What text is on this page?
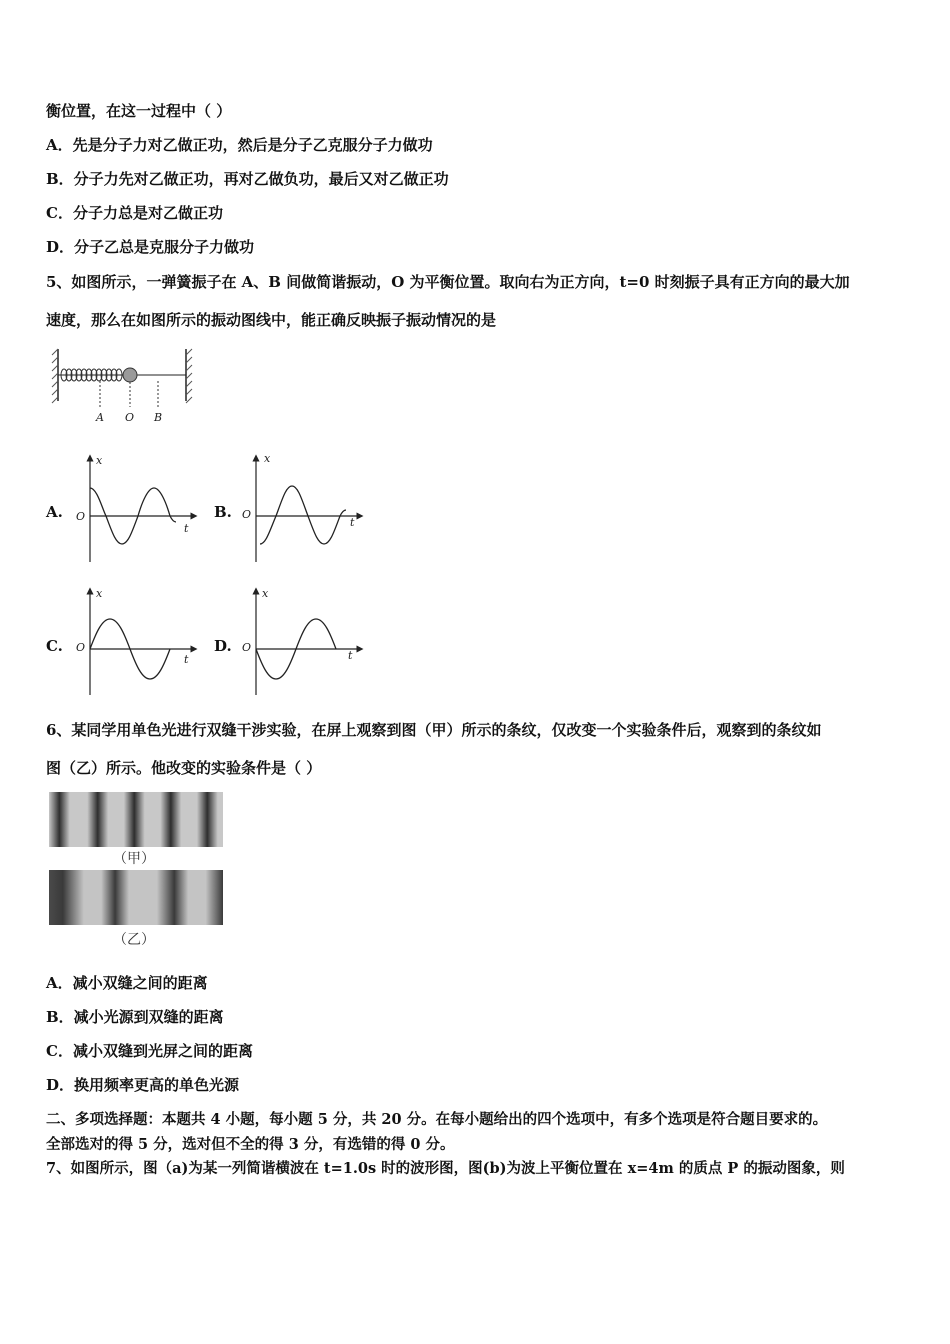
衡位置，在这一过程中（ ）
A．先是分子力对乙做正功，然后是分子乙克服分子力做功
B．分子力先对乙做正功，再对乙做负功，最后又对乙做正功
C．分子力总是对乙做正功
D．分子乙总是克服分子力做功
5、如图所示，一弹簧振子在 A、B 间做简谐振动，O 为平衡位置。取向右为正方向，t=0 时刻振子具有正方向的最大加
速度，那么在如图所示的振动图线中，能正确反映振子振动情况的是
A O B
A.	B.
C.	D.
x
t
O
x
t
O
x
t
O
x
t
O
6、某同学用单色光进行双缝干涉实验，在屏上观察到图（甲）所示的条纹，仅改变一个实验条件后，观察到的条纹如
图（乙）所示。他改变的实验条件是（ ）
（甲）
（乙）
A．减小双缝之间的距离
B．减小光源到双缝的距离
C．减小双缝到光屏之间的距离
D．换用频率更高的单色光源
二、多项选择题：本题共 4 小题，每小题 5 分，共 20 分。在每小题给出的四个选项中，有多个选项是符合题目要求的。
全部选对的得 5 分，选对但不全的得 3 分，有选错的得 0 分。
7、如图所示，图（a)为某一列简谐横波在 t=1.0s 时的波形图，图(b)为波上平衡位置在 x=4m 的质点 P 的振动图象，则
